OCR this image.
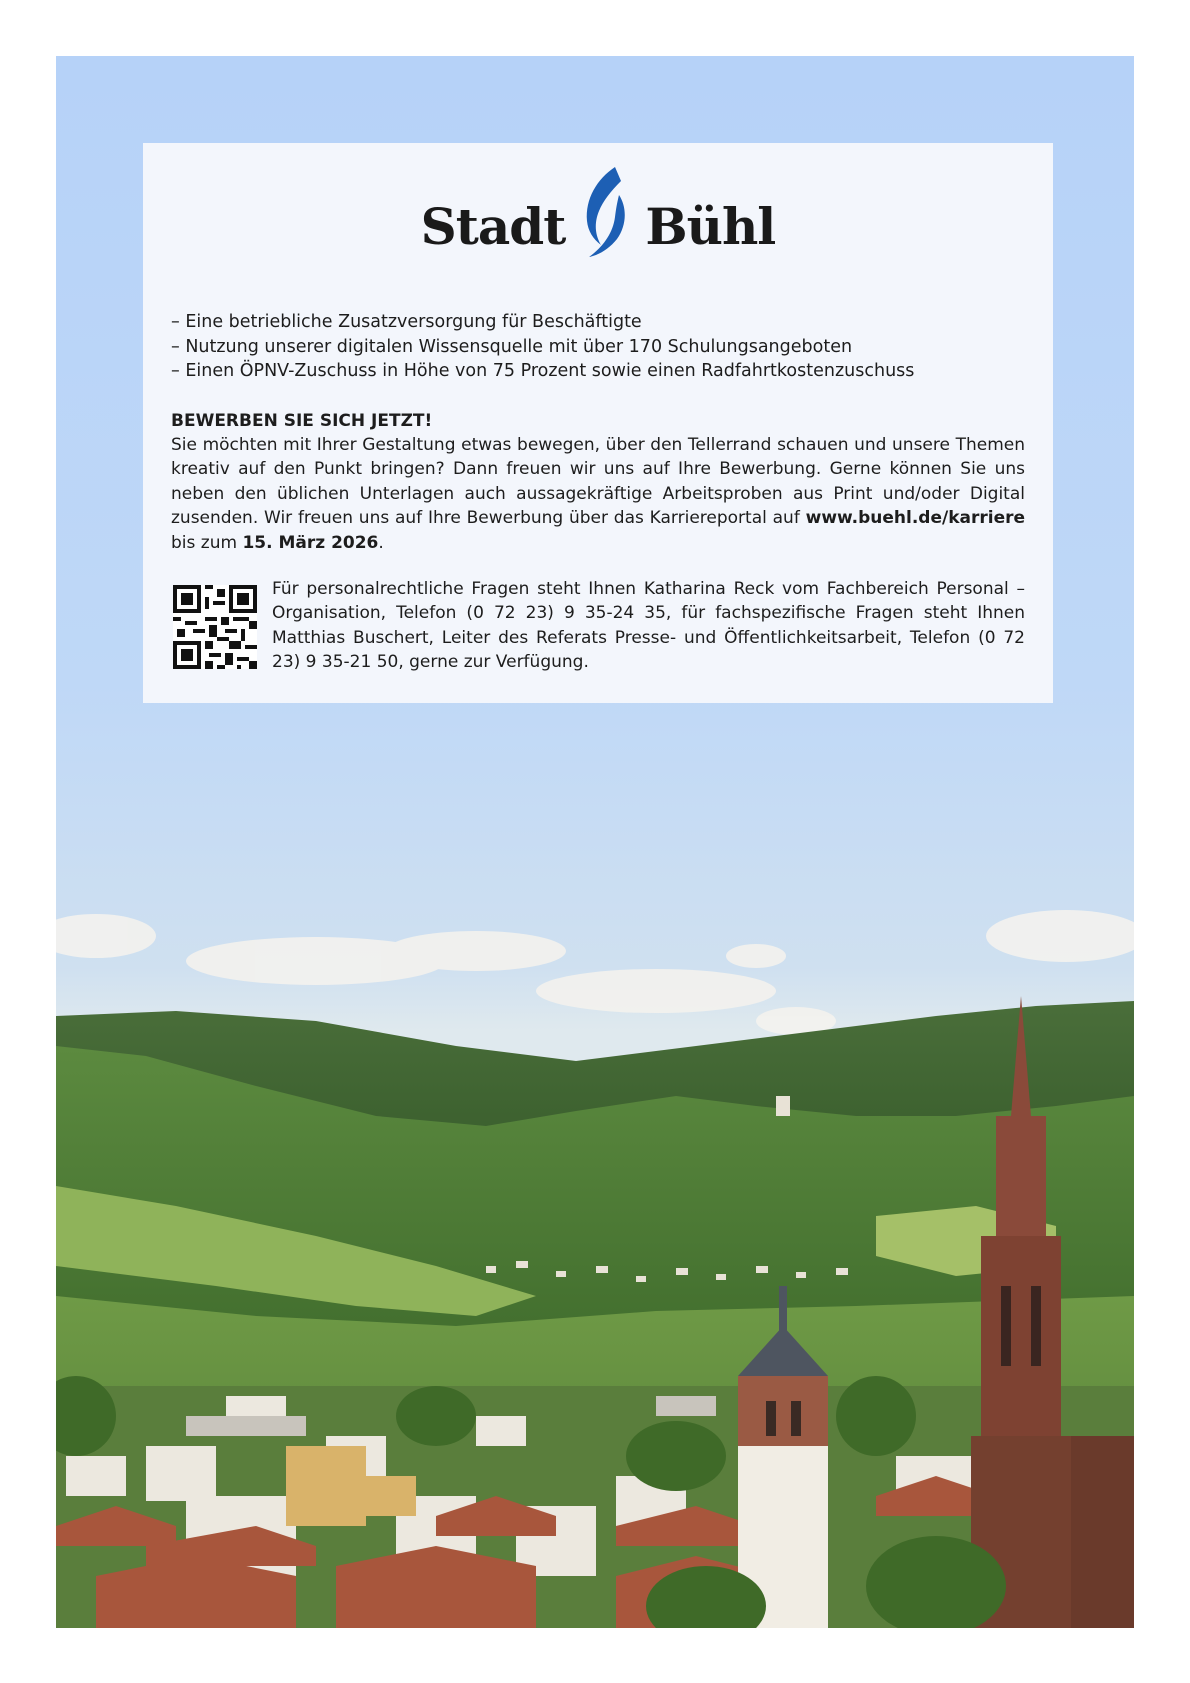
Stadt Bühl
– Eine betriebliche Zusatzversorgung für Beschäftigte
– Nutzung unserer digitalen Wissensquelle mit über 170 Schulungsangeboten
– Einen ÖPNV-Zuschuss in Höhe von 75 Prozent sowie einen Radfahrtkostenzuschuss
BEWERBEN SIE SICH JETZT!
Sie möchten mit Ihrer Gestaltung etwas bewegen, über den Tellerrand schauen und unsere Themen kreativ auf den Punkt bringen? Dann freuen wir uns auf Ihre Bewerbung. Gerne können Sie uns neben den üblichen Unterlagen auch aussagekräftige Arbeitsproben aus Print und/oder Digital zusenden. Wir freuen uns auf Ihre Bewerbung über das Karriereportal auf www.buehl.de/karriere bis zum 15. März 2026.
Für personalrechtliche Fragen steht Ihnen Katharina Reck vom Fachbereich Personal – Organisation, Telefon (0 72 23) 9 35-24 35, für fachspezifische Fragen steht Ihnen Matthias Buschert, Leiter des Referats Presse- und Öffentlichkeitsarbeit, Telefon (0 72 23) 9 35-21 50, gerne zur Verfügung.
